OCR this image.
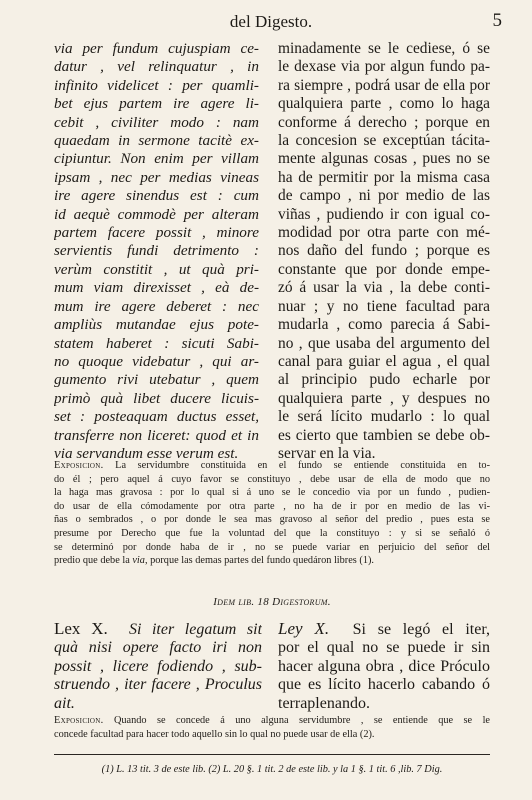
del Digesto.	5
via per fundum cujuspiam ce-
datur , vel relinquatur , in
infinito videlicet : per quamli-
bet ejus partem ire agere li-
cebit , civiliter modo : nam
quaedam in sermone tacitè ex-
cipiuntur. Non enim per villam
ipsam , nec per medias vineas
ire agere sinendus est : cum
id aequè commodè per alteram
partem facere possit , minore
servientis fundi detrimento :
verùm constitit , ut quà pri-
mum viam direxisset , eà de-
mum ire agere deberet : nec
ampliùs mutandae ejus pote-
statem haberet : sicuti Sabi-
no quoque videbatur , qui ar-
gumento rivi utebatur , quem
primò quà libet ducere licuis-
set : posteaquam ductus esset,
transferre non liceret: quod et in
via servandum esse verum est.
minadamente se le cediese, ó se
le dexase via por algun fundo pa-
ra siempre , podrá usar de ella por
qualquiera parte , como lo haga
conforme á derecho ; porque en
la concesion se exceptúan tácita-
mente algunas cosas , pues no se
ha de permitir por la misma casa
de campo , ni por medio de las
viñas , pudiendo ir con igual co-
modidad por otra parte con mé-
nos daño del fundo ; porque es
constante que por donde empe-
zó á usar la via , la debe conti-
nuar ; y no tiene facultad para
mudarla , como parecia á Sabi-
no , que usaba del argumento del
canal para guiar el agua , el qual
al principio pudo echarle por
qualquiera parte , y despues no
le será lícito mudarlo : lo qual
es cierto que tambien se debe ob-
servar en la via.
Exposicion. La servidumbre constituida en el fundo se entiende constituida en to-
do él ; pero aquel á cuyo favor se constituyo , debe usar de ella de modo que no
la haga mas gravosa : por lo qual si á uno se le concedio via por un fundo , pudien-
do usar de ella cómodamente por otra parte , no ha de ir por en medio de las vi-
ñas o sembrados , o por donde le sea mas gravoso al señor del predio , pues esta se
presume por Derecho que fue la voluntad del que la constituyo : y si se señaló ó
se determinó por donde haba de ir , no se puede variar en perjuicio del señor del
predio que debe la via, porque las demas partes del fundo quedáron libres (1).
Idem lib. 18 Digestorum.
Lex X. Si iter legatum sit
quà nisi opere facto iri non
possit , licere fodiendo , sub-
struendo , iter facere , Proculus
ait.
Ley X. Si se legó el iter,
por el qual no se puede ir sin
hacer alguna obra , dice Próculo
que es lícito hacerlo cabando ó
terraplenando.
Exposicion. Quando se concede á uno alguna servidumbre , se entiende que se le
concede facultad para hacer todo aquello sin lo qual no puede usar de ella (2).
(1) L. 13 tit. 3 de este lib. (2) L. 20 §. 1 tit. 2 de este lib. y la 1 §. 1 tit. 6 ,lib. 7 Dig.
